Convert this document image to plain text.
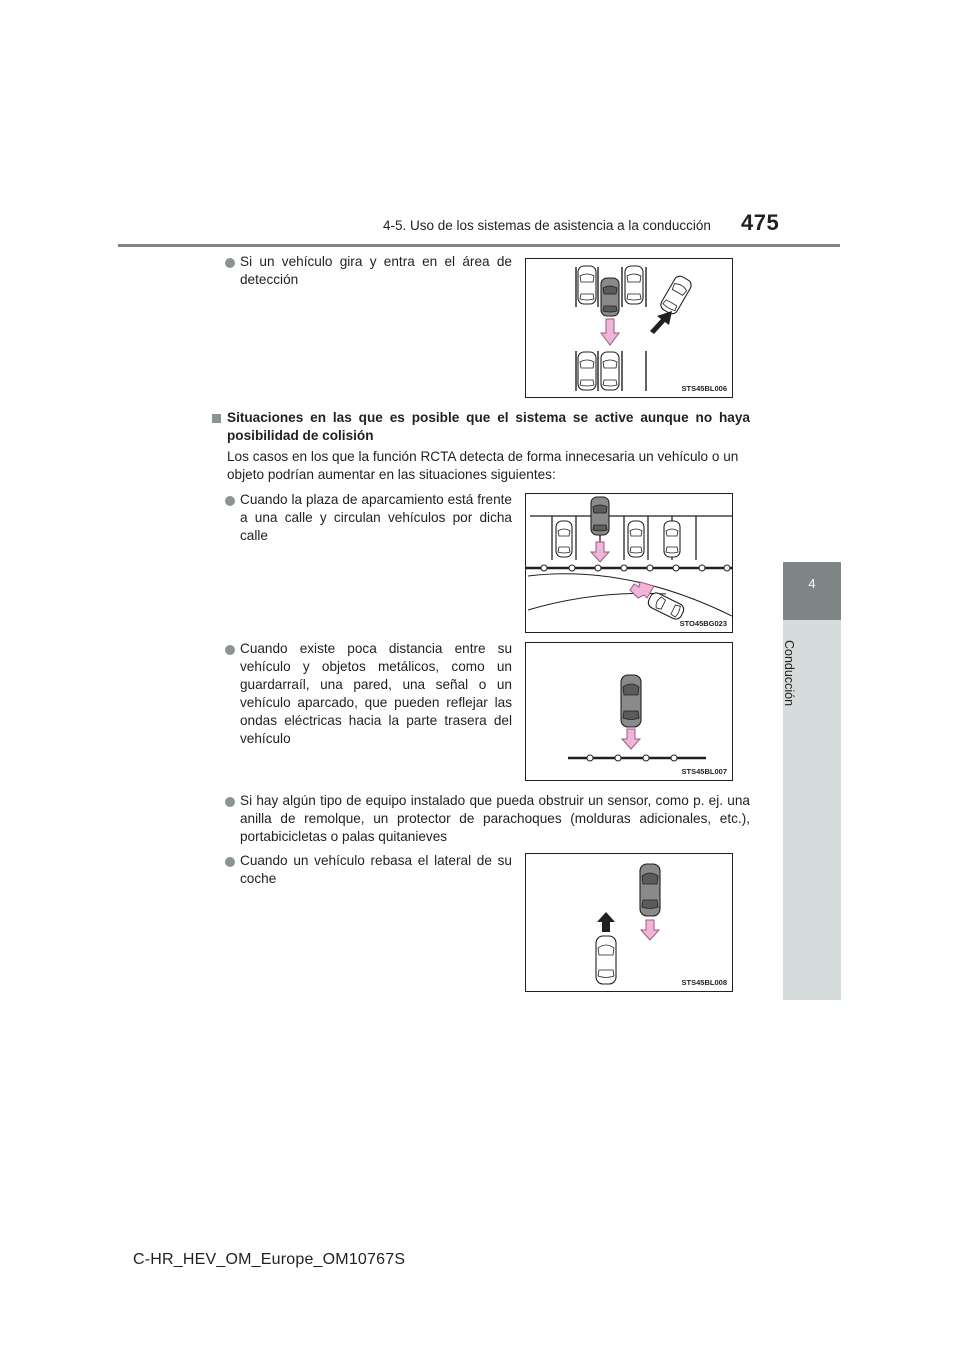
4-5. Uso de los sistemas de asistencia a la conducción 475
4
Conducción
Si un vehículo gira y entra en el área de detección
STS45BL006
Situaciones en las que es posible que el sistema se active aunque no haya posibilidad de colisión
Los casos en los que la función RCTA detecta de forma innecesaria un vehículo o un objeto podrían aumentar en las situaciones siguientes:
Cuando la plaza de aparcamiento está frente a una calle y circulan vehículos por dicha calle
STO45BG023
Cuando existe poca distancia entre su vehículo y objetos metálicos, como un guardarraíl, una pared, una señal o un vehículo aparcado, que pueden reflejar las ondas eléctricas hacia la parte trasera del vehículo
STS45BL007
Si hay algún tipo de equipo instalado que pueda obstruir un sensor, como p. ej. una anilla de remolque, un protector de parachoques (molduras adicionales, etc.), portabicicletas o palas quitanieves
Cuando un vehículo rebasa el lateral de su coche
STS45BL008
C-HR_HEV_OM_Europe_OM10767S
